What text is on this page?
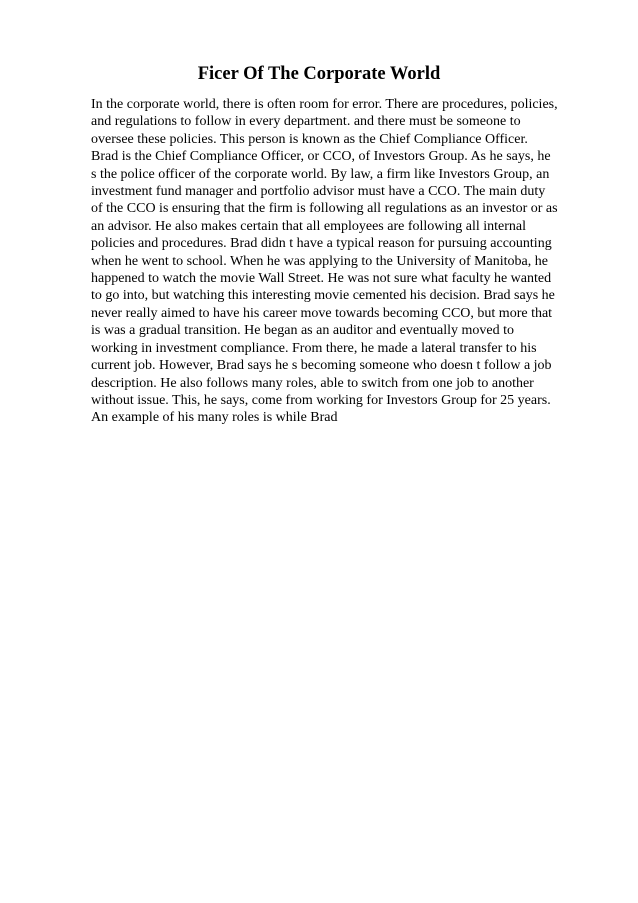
Ficer Of The Corporate World

In the corporate world, there is often room for error. There are procedures, policies,
and regulations to follow in every department. and there must be someone to
oversee these policies. This person is known as the Chief Compliance Officer.
Brad is the Chief Compliance Officer, or CCO, of Investors Group. As he says, he
s the police officer of the corporate world. By law, a firm like Investors Group, an
investment fund manager and portfolio advisor must have a CCO. The main duty
of the CCO is ensuring that the firm is following all regulations as an investor or as
an advisor. He also makes certain that all employees are following all internal
policies and procedures. Brad didn t have a typical reason for pursuing accounting
when he went to school. When he was applying to the University of Manitoba, he
happened to watch the movie Wall Street. He was not sure what faculty he wanted
to go into, but watching this interesting movie cemented his decision. Brad says he
never really aimed to have his career move towards becoming CCO, but more that
is was a gradual transition. He began as an auditor and eventually moved to
working in investment compliance. From there, he made a lateral transfer to his
current job. However, Brad says he s becoming someone who doesn t follow a job
description. He also follows many roles, able to switch from one job to another
without issue. This, he says, come from working for Investors Group for 25 years.
An example of his many roles is while Brad
